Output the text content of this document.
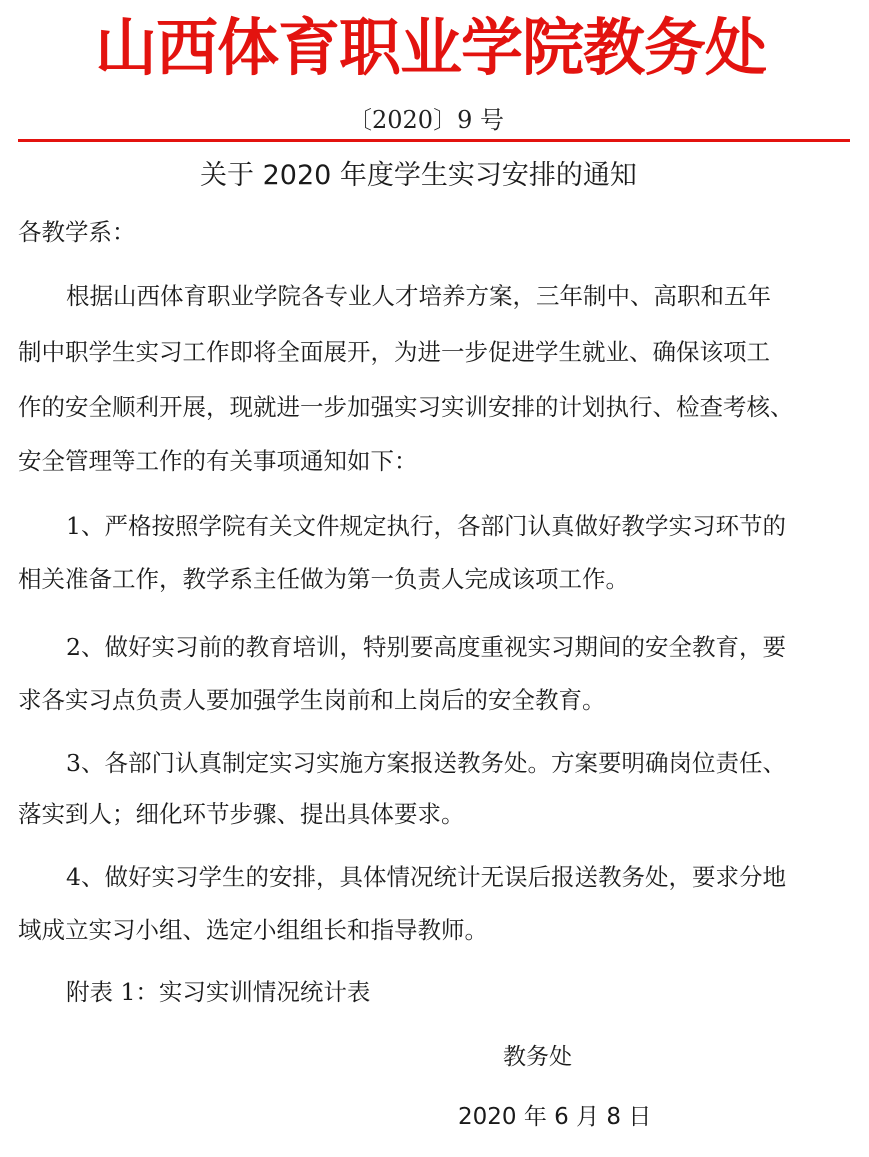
山西体育职业学院教务处
〔2020〕9 号
关于 2020 年度学生实习安排的通知
各教学系：
根据山西体育职业学院各专业人才培养方案，三年制中、高职和五年
制中职学生实习工作即将全面展开，为进一步促进学生就业、确保该项工
作的安全顺利开展，现就进一步加强实习实训安排的计划执行、检查考核、
安全管理等工作的有关事项通知如下：
1、严格按照学院有关文件规定执行，各部门认真做好教学实习环节的
相关准备工作，教学系主任做为第一负责人完成该项工作。
2、做好实习前的教育培训，特别要高度重视实习期间的安全教育，要
求各实习点负责人要加强学生岗前和上岗后的安全教育。
3、各部门认真制定实习实施方案报送教务处。方案要明确岗位责任、
落实到人；细化环节步骤、提出具体要求。
4、做好实习学生的安排，具体情况统计无误后报送教务处，要求分地
域成立实习小组、选定小组组长和指导教师。
附表 1：实习实训情况统计表
教务处
2020 年 6 月 8 日
